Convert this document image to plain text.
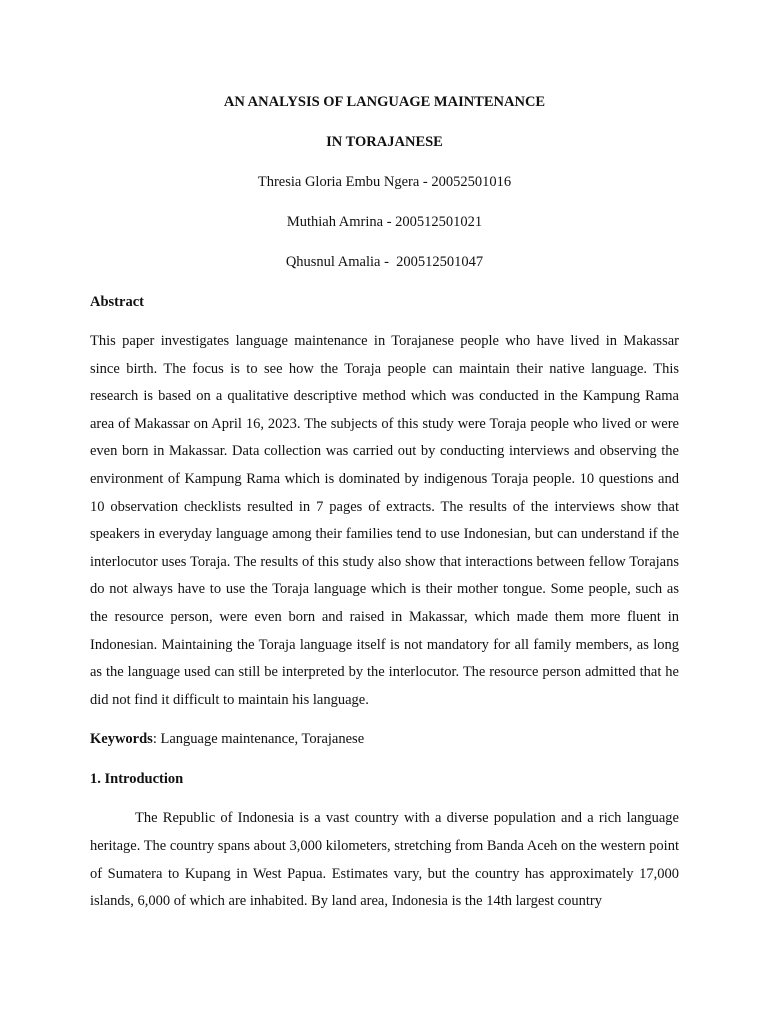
AN ANALYSIS OF LANGUAGE MAINTENANCE
IN TORAJANESE
Thresia Gloria Embu Ngera - 20052501016
Muthiah Amrina - 200512501021
Qhusnul Amalia -  200512501047
Abstract

This paper investigates language maintenance in Torajanese people who have lived in Makassar since birth. The focus is to see how the Toraja people can maintain their native language. This research is based on a qualitative descriptive method which was conducted in the Kampung Rama area of Makassar on April 16, 2023. The subjects of this study were Toraja people who lived or were even born in Makassar. Data collection was carried out by conducting interviews and observing the environment of Kampung Rama which is dominated by indigenous Toraja people. 10 questions and 10 observation checklists resulted in 7 pages of extracts. The results of the interviews show that speakers in everyday language among their families tend to use Indonesian, but can understand if the interlocutor uses Toraja. The results of this study also show that interactions between fellow Torajans do not always have to use the Toraja language which is their mother tongue. Some people, such as the resource person, were even born and raised in Makassar, which made them more fluent in Indonesian. Maintaining the Toraja language itself is not mandatory for all family members, as long as the language used can still be interpreted by the interlocutor. The resource person admitted that he did not find it difficult to maintain his language.

Keywords: Language maintenance, Torajanese
1. Introduction

The Republic of Indonesia is a vast country with a diverse population and a rich language heritage. The country spans about 3,000 kilometers, stretching from Banda Aceh on the western point of Sumatera to Kupang in West Papua. Estimates vary, but the country has approximately 17,000 islands, 6,000 of which are inhabited. By land area, Indonesia is the 14th largest country
